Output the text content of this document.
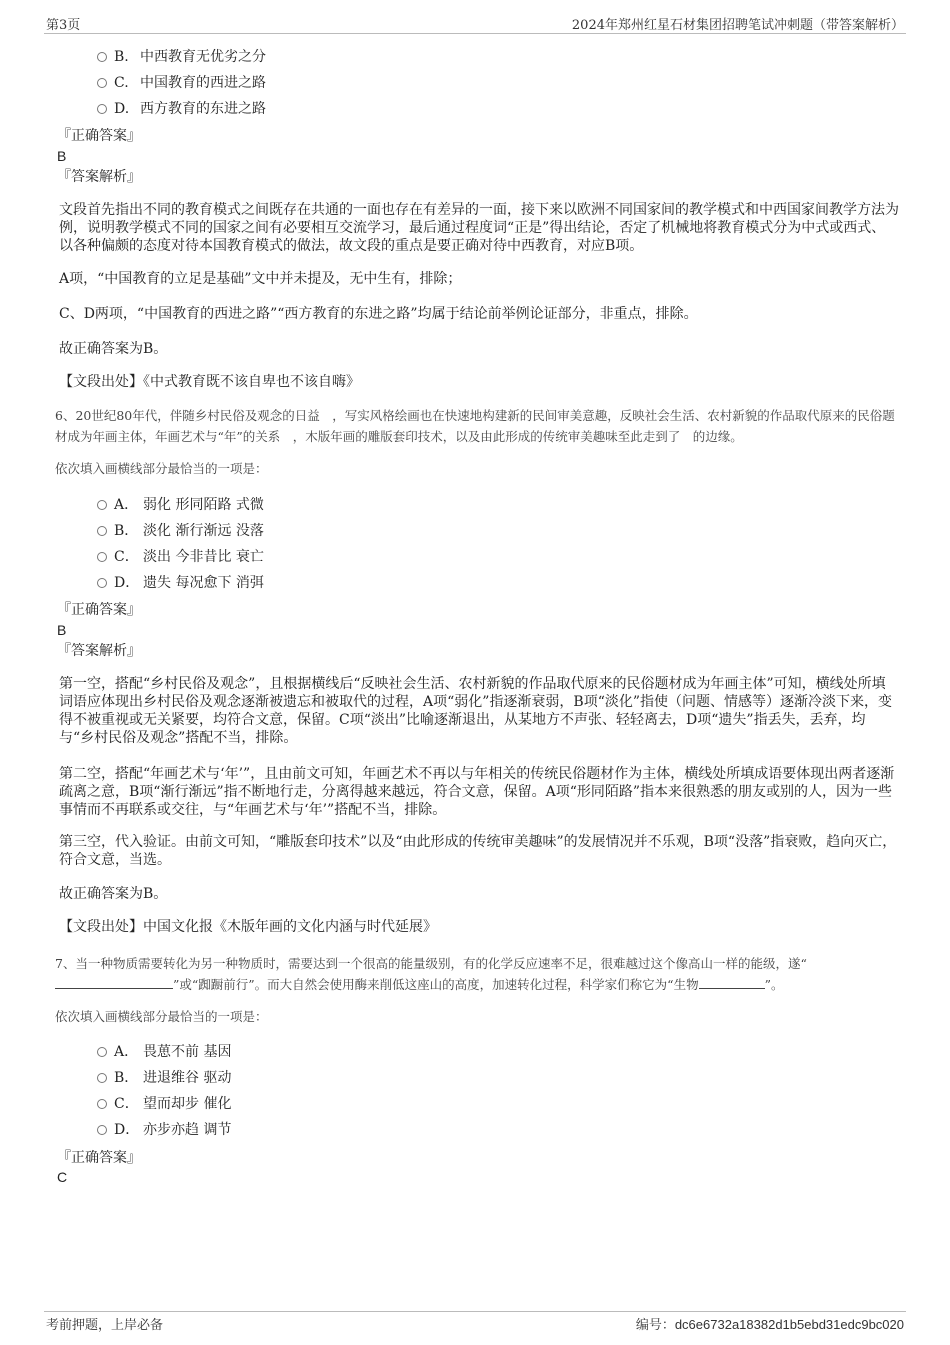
第3页	2024年郑州红星石材集团招聘笔试冲刺题（带答案解析）
B. 中西教育无优劣之分
C. 中国教育的西进之路
D. 西方教育的东进之路
『正确答案』
B
『答案解析』
文段首先指出不同的教育模式之间既存在共通的一面也存在有差异的一面，接下来以欧洲不同国家间的教学模式和中西国家间教学方法为例，说明教学模式不同的国家之间有必要相互交流学习，最后通过程度词“正是”得出结论，否定了机械地将教育模式分为中式或西式、以各种偏颇的态度对待本国教育模式的做法，故文段的重点是要正确对待中西教育，对应B项。
A项，“中国教育的立足是基础”文中并未提及，无中生有，排除；
C、D两项，“中国教育的西进之路”“西方教育的东进之路”均属于结论前举例论证部分，非重点，排除。
故正确答案为B。
【文段出处】《中式教育既不该自卑也不该自嗨》
6、20世纪80年代，伴随乡村民俗及观念的日益　，写实风格绘画也在快速地构建新的民间审美意趣，反映社会生活、农村新貌的作品取代原来的民俗题材成为年画主体，年画艺术与“年”的关系　，木版年画的雕版套印技术，以及由此形成的传统审美趣味至此走到了　的边缘。
依次填入画横线部分最恰当的一项是：
A． 弱化 形同陌路 式微
B． 淡化 渐行渐远 没落
C． 淡出 今非昔比 衰亡
D． 遗失 每况愈下 消弭
『正确答案』
B
『答案解析』
第一空，搭配“乡村民俗及观念”，且根据横线后“反映社会生活、农村新貌的作品取代原来的民俗题材成为年画主体”可知，横线处所填词语应体现出乡村民俗及观念逐渐被遗忘和被取代的过程，A项“弱化”指逐渐衰弱，B项“淡化”指使（问题、情感等）逐渐冷淡下来，变得不被重视或无关紧要，均符合文意，保留。C项“淡出”比喻逐渐退出，从某地方不声张、轻轻离去，D项“遗失”指丢失，丢弃，均与“乡村民俗及观念”搭配不当，排除。
第二空，搭配“年画艺术与‘年’”，且由前文可知，年画艺术不再以与年相关的传统民俗题材作为主体，横线处所填成语要体现出两者逐渐疏离之意，B项“渐行渐远”指不断地行走，分离得越来越远，符合文意，保留。A项“形同陌路”指本来很熟悉的朋友或别的人，因为一些事情而不再联系或交往，与“年画艺术与‘年’”搭配不当，排除。
第三空，代入验证。由前文可知，“雕版套印技术”以及“由此形成的传统审美趣味”的发展情况并不乐观，B项“没落”指衰败，趋向灭亡，符合文意，当选。
故正确答案为B。
【文段出处】中国文化报《木版年画的文化内涵与时代延展》
7、当一种物质需要转化为另一种物质时，需要达到一个很高的能量级别，有的化学反应速率不足，很难越过这个像高山一样的能级，遂“”或“踟蹰前行”。而大自然会使用酶来削低这座山的高度，加速转化过程，科学家们称它为“生物	”。
依次填入画横线部分最恰当的一项是：
A． 畏葸不前 基因
B． 进退维谷 驱动
C． 望而却步 催化
D． 亦步亦趋 调节
『正确答案』
C
考前押题，上岸必备	编号：dc6e6732a18382d1b5ebd31edc9bc020
